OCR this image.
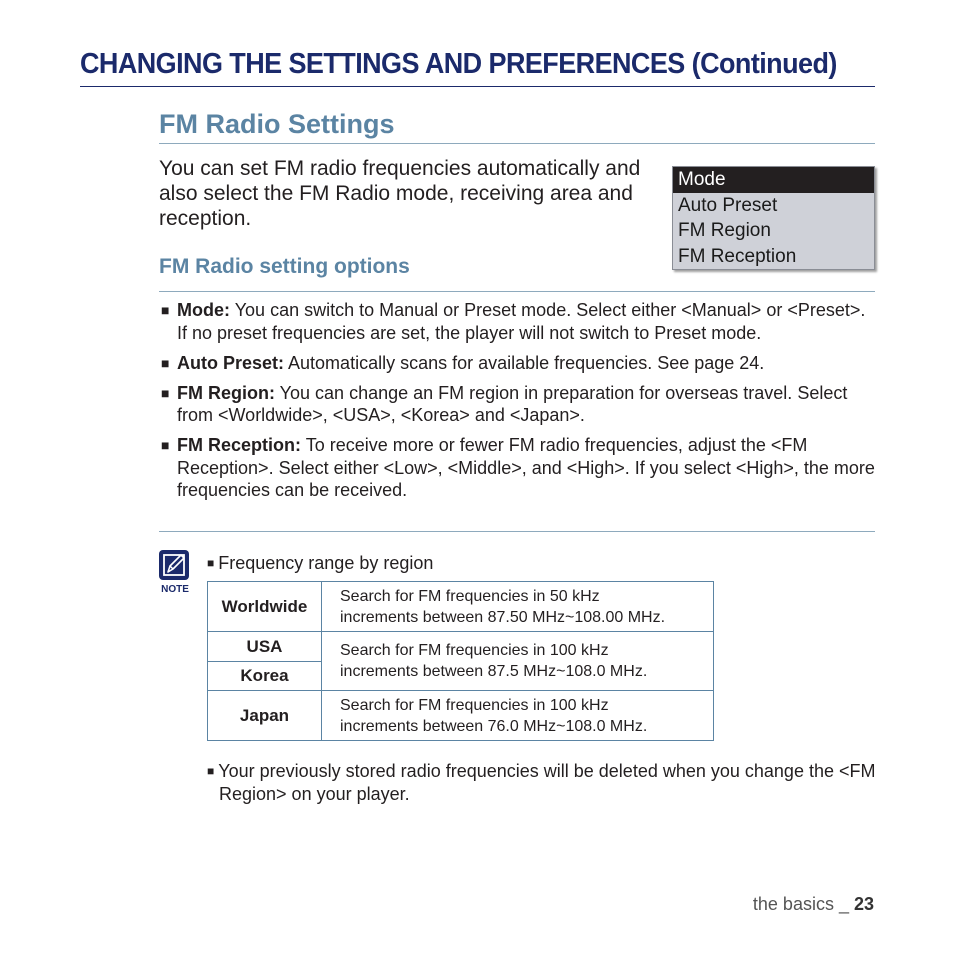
CHANGING THE SETTINGS AND PREFERENCES (Continued)
FM Radio Settings

You can set FM radio frequencies automatically and also select the FM Radio mode, receiving area and reception.

Mode
Auto Preset
FM Region
FM Reception
FM Radio setting options
■ Mode: You can switch to Manual or Preset mode. Select either <Manual> or <Preset>. If no preset frequencies are set, the player will not switch to Preset mode.
■ Auto Preset: Automatically scans for available frequencies. See page 24.
■ FM Region: You can change an FM region in preparation for overseas travel. Select from <Worldwide>, <USA>, <Korea> and <Japan>.
■ FM Reception: To receive more or fewer FM radio frequencies, adjust the <FM Reception>. Select either <Low>, <Middle>, and <High>. If you select <High>, the more frequencies can be received.
NOTE

■ Frequency range by region

Worldwide	Search for FM frequencies in 50 kHz
increments between 87.50 MHz~108.00 MHz.
USA	Search for FM frequencies in 100 kHz
increments between 87.5 MHz~108.0 MHz.
Korea	
Japan	Search for FM frequencies in 100 kHz
increments between 76.0 MHz~108.0 MHz.

■ Your previously stored radio frequencies will be deleted when you change the <FM Region> on your player.

the basics _ 23
